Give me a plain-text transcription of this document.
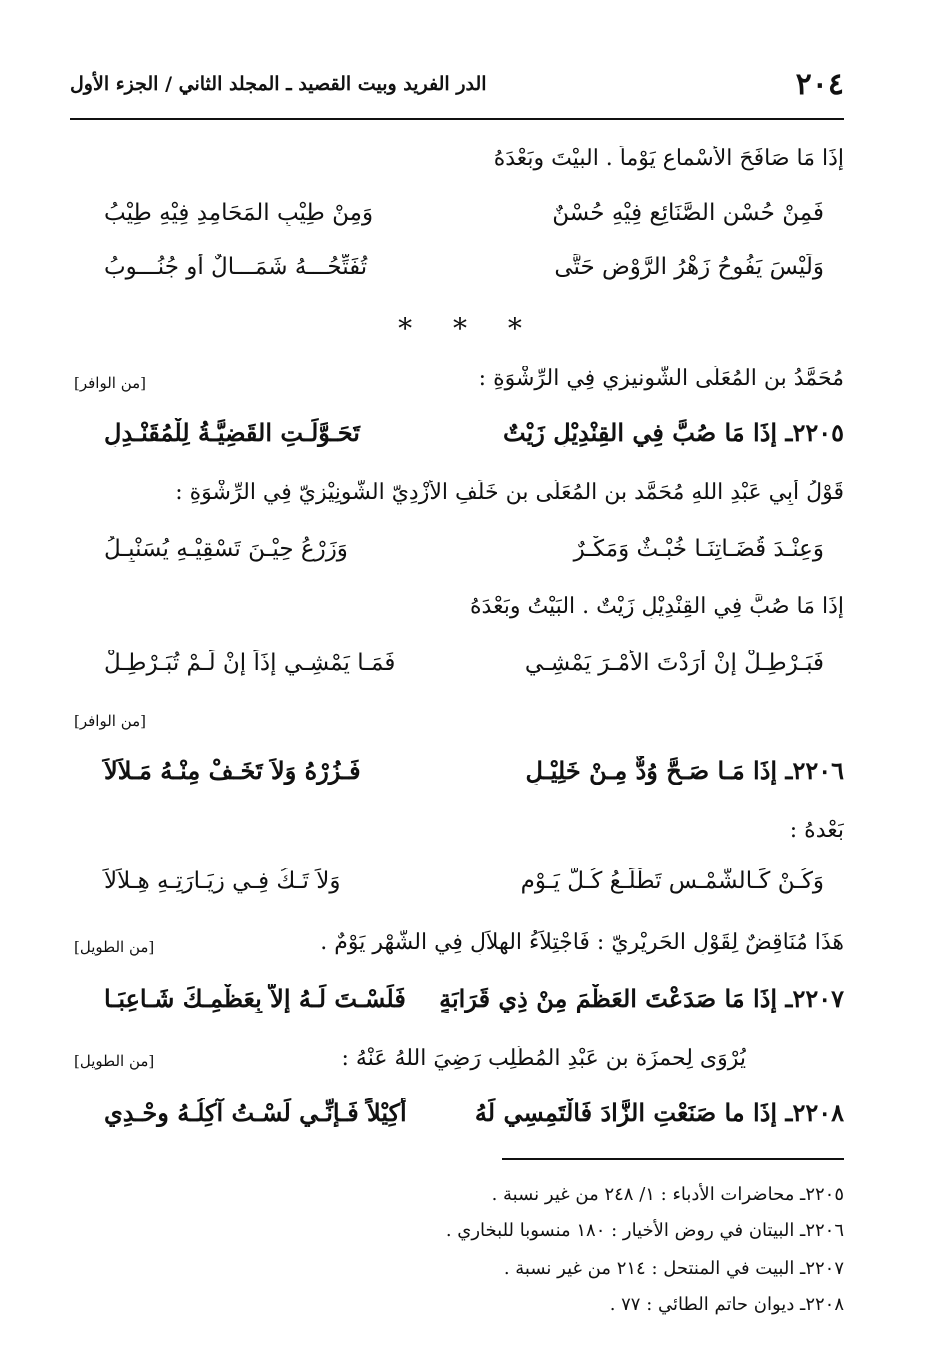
٢٠٤
الدر الفريد وبيت القصيد ـ المجلد الثاني / الجزء الأول
إِذَا مَا صَافَحَ الأَسْماع يَوْماً . البيْتَ وبَعْدَهُ
فَمِنْ حُسْنِ الصَّنَائِعِ فِيْهِ حُسْنٌ
وَمِنْ طِيْبِ المَحَامِدِ فِيْهِ طِيْبُ
وَلَيْسَ يَفُوحُ زَهْرُ الرَّوْضِ حَتَّى
تُفَتِّحُـــهُ شَمَـــالٌ أَو جُنُـــوبُ
* * *
مُحَمَّدُ بن المُعَلَّى الشُّونيزي فِي الرِّشْوَةِ :
[من الوافر]
٢٢٠٥ـ إِذَا مَا صُبَّ فِي القِنْدِيْلِ زَيْتٌ
تَحَـوَّلَـتِ القَضِيَّـةُ لِلْمُقَنْـدِلِ
قَوْلُ أَبِي عَبْدِ اللهِ مُحَمَّد بن المُعَلَّى بن خَلَفِ الأَزْدِيّ الشُّونِيْزِيّ فِي الرِّشْوَةِ :
وَعِنْـدَ قُضَـاتِنَـا خُبْـثٌ وَمَكْـرٌ
وَزَرْعُ حِيْـنَ تَسْقِيْـهِ يُسَنْبِـلُ
إِذَا مَا صُبَّ فِي القِنْدِيْلِ زَيْتٌ . البَيْتُ وبَعْدَهُ
فَبَـرْطِـلْ إِنْ أَرَدْتَ الأَمْـرَ يَمْشِـي
فَمَـا يَمْشِـي إِذَاً إِنْ لَـمْ تُبَـرْطِـلْ
[من الوافر]
٢٢٠٦ـ إِذَا مَـا صَـحَّ وُدٌّ مِـنْ خَلِيْـلٍ
فَـزُرْهُ وَلاَ تَخَـفْ مِنْـهُ مَـلاَلاَ
بَعْدهُ :
وَكُـنْ كَـالشَّمْـسِ تَطْلَـعُ كُـلَّ يَـوْمٍ
وَلاَ تَـكُ فِـي زِيَـارَتِـهِ هِـلاَلاَ
هَذَا مُنَاقِضٌ لِقَوْلِ الحَرِيْرِيّ : فَاجْتِلاَءُ الهِلاَلِ فِي الشَّهْرِ يَوْمٌ .
[من الطويل]
٢٢٠٧ـ إِذَا مَا صَدَعْتَ العَظْمَ مِنْ ذِي قَرَابَةٍ
فَلَسْـتَ لَـهُ إِلاَّ بِعَظْمِـكَ شَـاعِبَـا
يُرْوَى لِحمزَة بن عَبْدِ المُطَّلِب رَضِيَ اللهُ عَنْهُ :
[من الطويل]
٢٢٠٨ـ إِذَا ما صَنَعْتِ الزَّادَ فَالْتَمِسِي لَهُ
أَكِيْلاً فَـإِنِّـي لَسْـتُ آكِلُـهُ وحْـدِي
٢٢٠٥ـ محاضرات الأدباء : ١/ ٢٤٨ من غير نسبة .
٢٢٠٦ـ البيتان في روض الأخيار : ١٨٠ منسوبا للبخاري .
٢٢٠٧ـ البيت في المنتحل : ٢١٤ من غير نسبة .
٢٢٠٨ـ ديوان حاتم الطائي : ٧٧ .
